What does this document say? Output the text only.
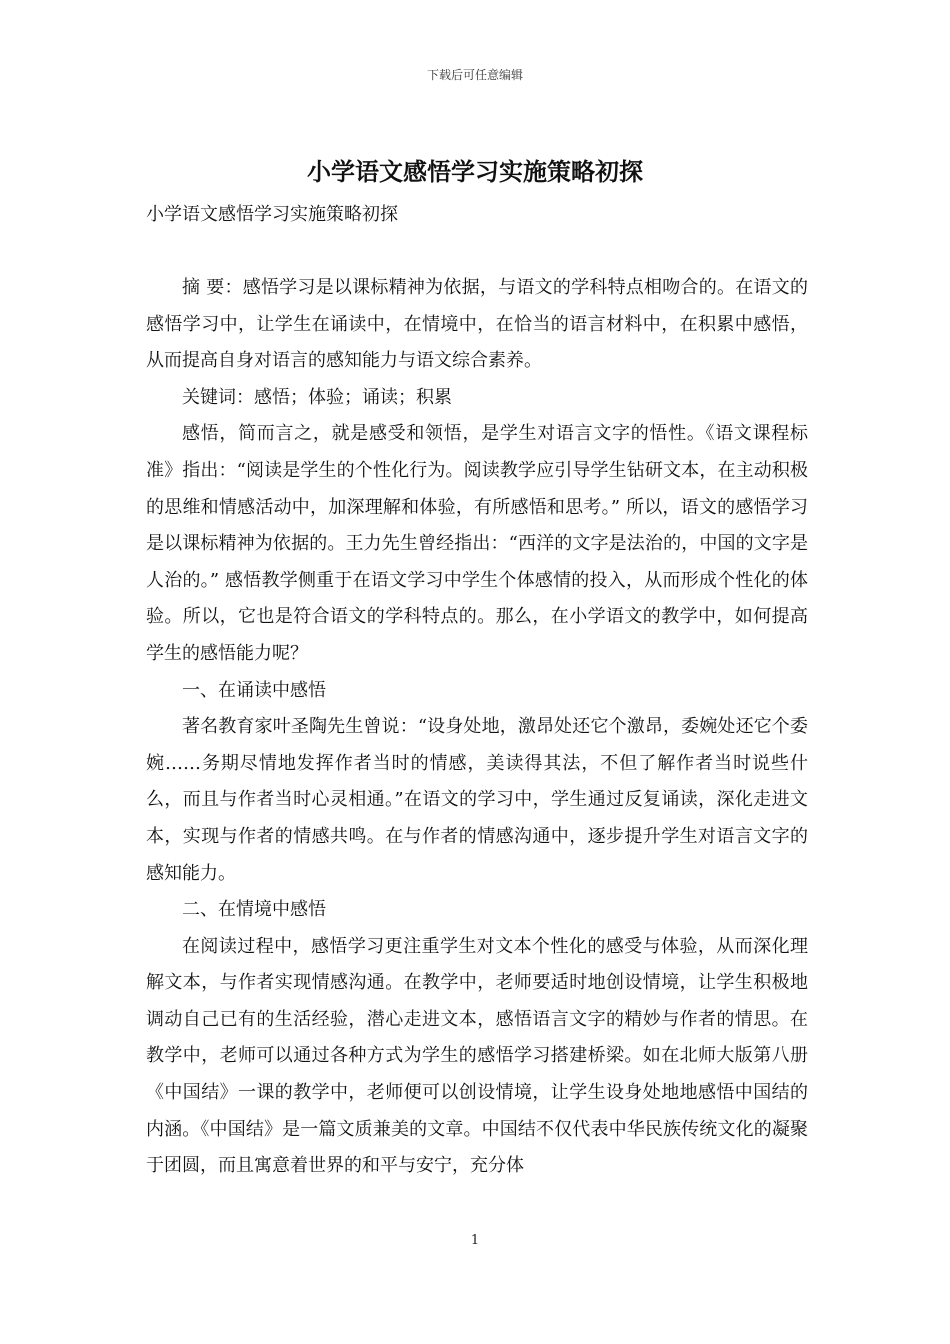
下载后可任意编辑
小学语文感悟学习实施策略初探
小学语文感悟学习实施策略初探

摘 要：感悟学习是以课标精神为依据，与语文的学科特点相吻合的。在语文的感悟学习中，让学生在诵读中，在情境中，在恰当的语言材料中，在积累中感悟，从而提高自身对语言的感知能力与语文综合素养。

关键词：感悟；体验；诵读；积累

感悟，简而言之，就是感受和领悟，是学生对语言文字的悟性。《语文课程标准》指出：“阅读是学生的个性化行为。阅读教学应引导学生钻研文本，在主动积极的思维和情感活动中，加深理解和体验，有所感悟和思考。” 所以，语文的感悟学习是以课标精神为依据的。王力先生曾经指出：“西洋的文字是法治的，中国的文字是人治的。” 感悟教学侧重于在语文学习中学生个体感情的投入，从而形成个性化的体验。所以，它也是符合语文的学科特点的。那么，在小学语文的教学中，如何提高学生的感悟能力呢？

一、在诵读中感悟

著名教育家叶圣陶先生曾说：“设身处地，激昂处还它个激昂，委婉处还它个委婉……务期尽情地发挥作者当时的情感，美读得其法，不但了解作者当时说些什么，而且与作者当时心灵相通。”在语文的学习中，学生通过反复诵读，深化走进文本，实现与作者的情感共鸣。在与作者的情感沟通中，逐步提升学生对语言文字的感知能力。

二、在情境中感悟

在阅读过程中，感悟学习更注重学生对文本个性化的感受与体验，从而深化理解文本，与作者实现情感沟通。在教学中，老师要适时地创设情境，让学生积极地调动自己已有的生活经验，潜心走进文本，感悟语言文字的精妙与作者的情思。在教学中，老师可以通过各种方式为学生的感悟学习搭建桥梁。如在北师大版第八册《中国结》一课的教学中，老师便可以创设情境，让学生设身处地地感悟中国结的内涵。《中国结》是一篇文质兼美的文章。中国结不仅代表中华民族传统文化的凝聚于团圆，而且寓意着世界的和平与安宁，充分体

1
